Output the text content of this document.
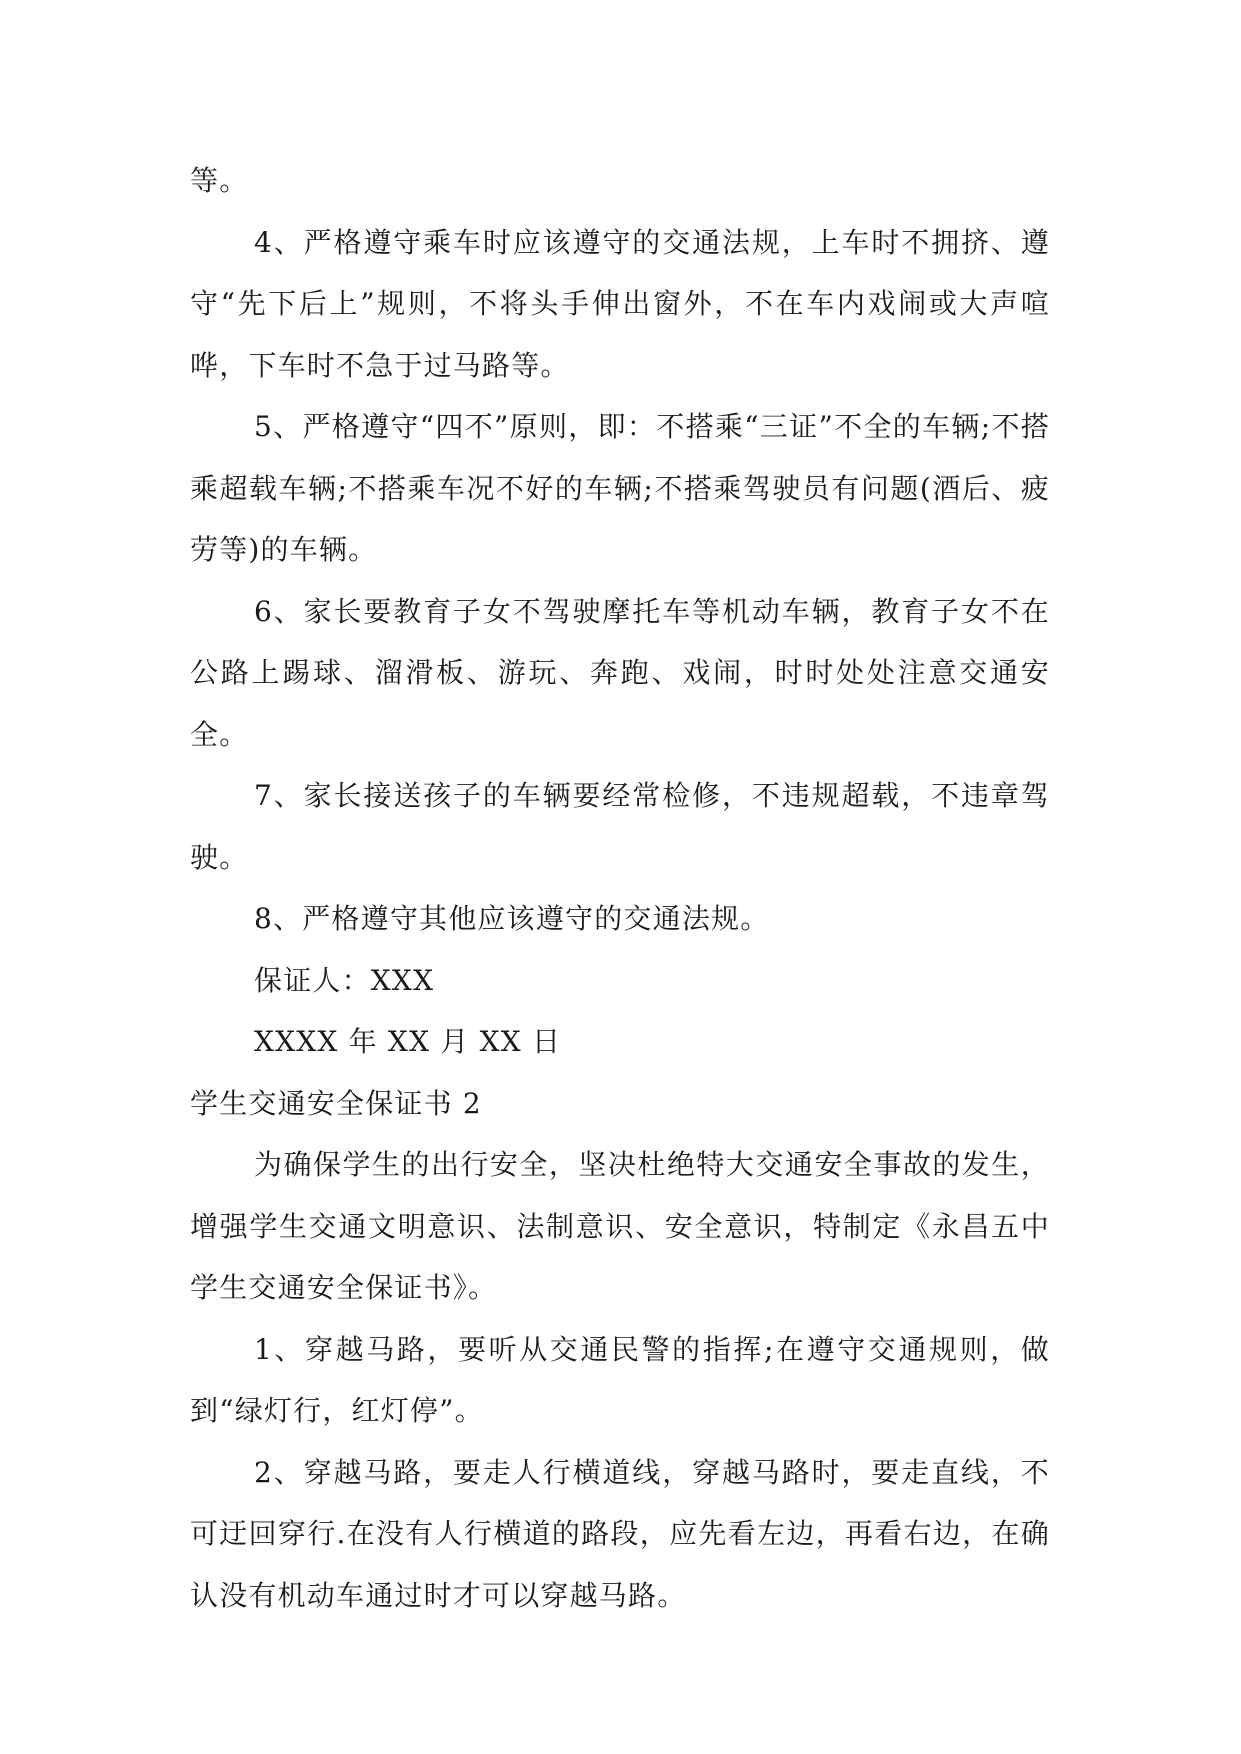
等。

4、严格遵守乘车时应该遵守的交通法规，上车时不拥挤、遵守“先下后上”规则，不将头手伸出窗外，不在车内戏闹或大声喧哗，下车时不急于过马路等。

5、严格遵守“四不”原则，即：不搭乘“三证”不全的车辆;不搭乘超载车辆;不搭乘车况不好的车辆;不搭乘驾驶员有问题(酒后、疲劳等)的车辆。

6、家长要教育子女不驾驶摩托车等机动车辆，教育子女不在公路上踢球、溜滑板、游玩、奔跑、戏闹，时时处处注意交通安全。

7、家长接送孩子的车辆要经常检修，不违规超载，不违章驾驶。

8、严格遵守其他应该遵守的交通法规。

保证人：XXX

XXXX 年 XX 月 XX 日

学生交通安全保证书 2

为确保学生的出行安全，坚决杜绝特大交通安全事故的发生，增强学生交通文明意识、法制意识、安全意识，特制定《永昌五中学生交通安全保证书》。

1、穿越马路，要听从交通民警的指挥;在遵守交通规则，做到“绿灯行，红灯停”。

2、穿越马路，要走人行横道线，穿越马路时，要走直线，不可迂回穿行.在没有人行横道的路段，应先看左边，再看右边，在确认没有机动车通过时才可以穿越马路。
